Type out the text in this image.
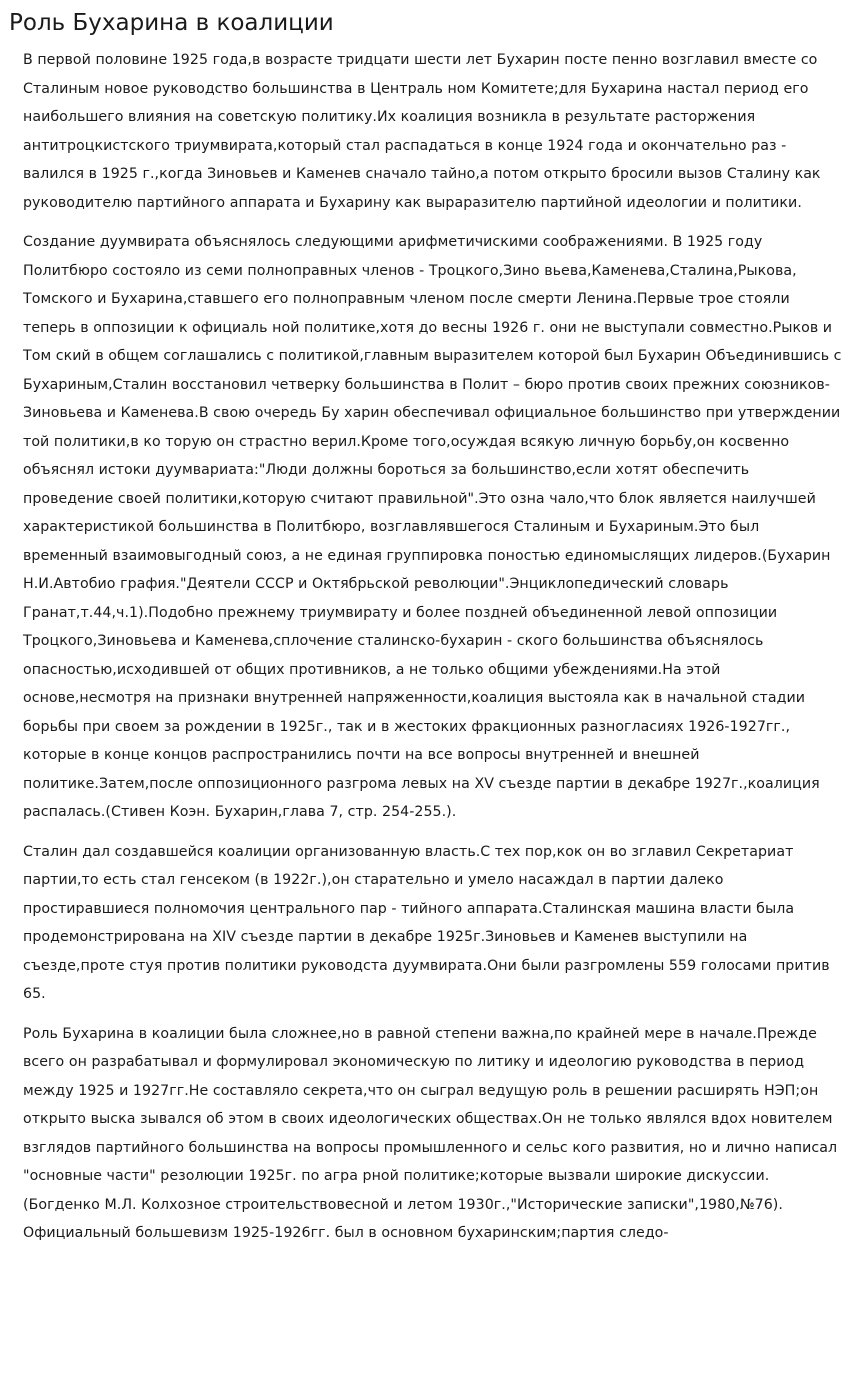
Роль Бухарина в коалиции

В первой половине 1925 года,в возрасте тридцати шести лет Бухарин посте пенно возглавил вместе со Сталиным новое руководство большинства в Централь ном Комитете;для Бухарина настал период его наибольшего влияния на советскую политику.Их коалиция возникла в результате расторжения антитроцкистского триумвирата,который стал распадаться в конце 1924 года и окончательно раз - валился в 1925 г.,когда Зиновьев и Каменев сначало тайно,а потом открыто бросили вызов Сталину как руководителю партийного аппарата и Бухарину как выраразителю партийной идеологии и политики.

Создание дуумвирата объяснялось следующими арифметичискими соображениями. В 1925 году Политбюро состояло из семи полноправных членов - Троцкого,Зино вьева,Каменева,Сталина,Рыкова, Томского и Бухарина,ставшего его полноправным членом после смерти Ленина.Первые трое стояли теперь в оппозиции к официаль ной политике,хотя до весны 1926 г. они не выступали совместно.Рыков и Том ский в общем соглашались с политикой,главным выразителем которой был Бухарин Объединившись с Бухариным,Сталин восстановил четверку большинства в Полит – бюро против своих прежних союзников- Зиновьева и Каменева.В свою очередь Бу харин обеспечивал официальное большинство при утверждении той политики,в ко торую он страстно верил.Кроме того,осуждая всякую личную борьбу,он косвенно объяснял истоки дуумвариата:"Люди должны бороться за большинство,если хотят обеспечить проведение своей политики,которую считают правильной".Это озна чало,что блок является наилучшей характеристикой большинства в Политбюро, возглавлявшегося Сталиным и Бухариным.Это был временный взаимовыгодный союз, а не единая группировка поностью единомыслящих лидеров.(Бухарин Н.И.Автобио графия."Деятели СССР и Октябрьской революции".Энциклопедический словарь Гранат,т.44,ч.1).Подобно прежнему триумвирату и более поздней объединенной левой оппозиции Троцкого,Зиновьева и Каменева,сплочение сталинско-бухарин - ского большинства объяснялось опасностью,исходившей от общих противников, а не только общими убеждениями.На этой основе,несмотря на признаки внутренней напряженности,коалиция выстояла как в начальной стадии борьбы при своем за рождении в 1925г., так и в жестоких фракционных разногласиях 1926-1927гг., которые в конце концов распространились почти на все вопросы внутренней и внешней политике.Затем,после оппозиционного разгрома левых на XV съезде партии в декабре 1927г.,коалиция распалась.(Стивен Коэн. Бухарин,глава 7, стр. 254-255.).

Сталин дал создавшейся коалиции организованную власть.С тех пор,кок он во зглавил Секретариат партии,то есть стал генсеком (в 1922г.),он старательно и умело насаждал в партии далеко простиравшиеся полномочия центрального пар - тийного аппарата.Сталинская машина власти была продемонстрирована на XIV съезде партии в декабре 1925г.Зиновьев и Каменев выступили на съезде,проте стуя против политики руководста дуумвирата.Они были разгромлены 559 голосами притив 65.

Роль Бухарина в коалиции была сложнее,но в равной степени важна,по крайней мере в начале.Прежде всего он разрабатывал и формулировал экономическую по литику и идеологию руководства в период между 1925 и 1927гг.Не составляло секрета,что он сыграл ведущую роль в решении расширять НЭП;он открыто выска зывался об этом в своих идеологических обществах.Он не только являлся вдох новителем взглядов партийного большинства на вопросы промышленного и сельс кого развития, но и лично написал "основные части" резолюции 1925г. по агра рной политике;которые вызвали широкие дискуссии.(Богденко М.Л. Колхозное строительствовесной и летом 1930г.,"Исторические записки",1980,№76). Официальный большевизм 1925-1926гг. был в основном бухаринским;партия следо-
